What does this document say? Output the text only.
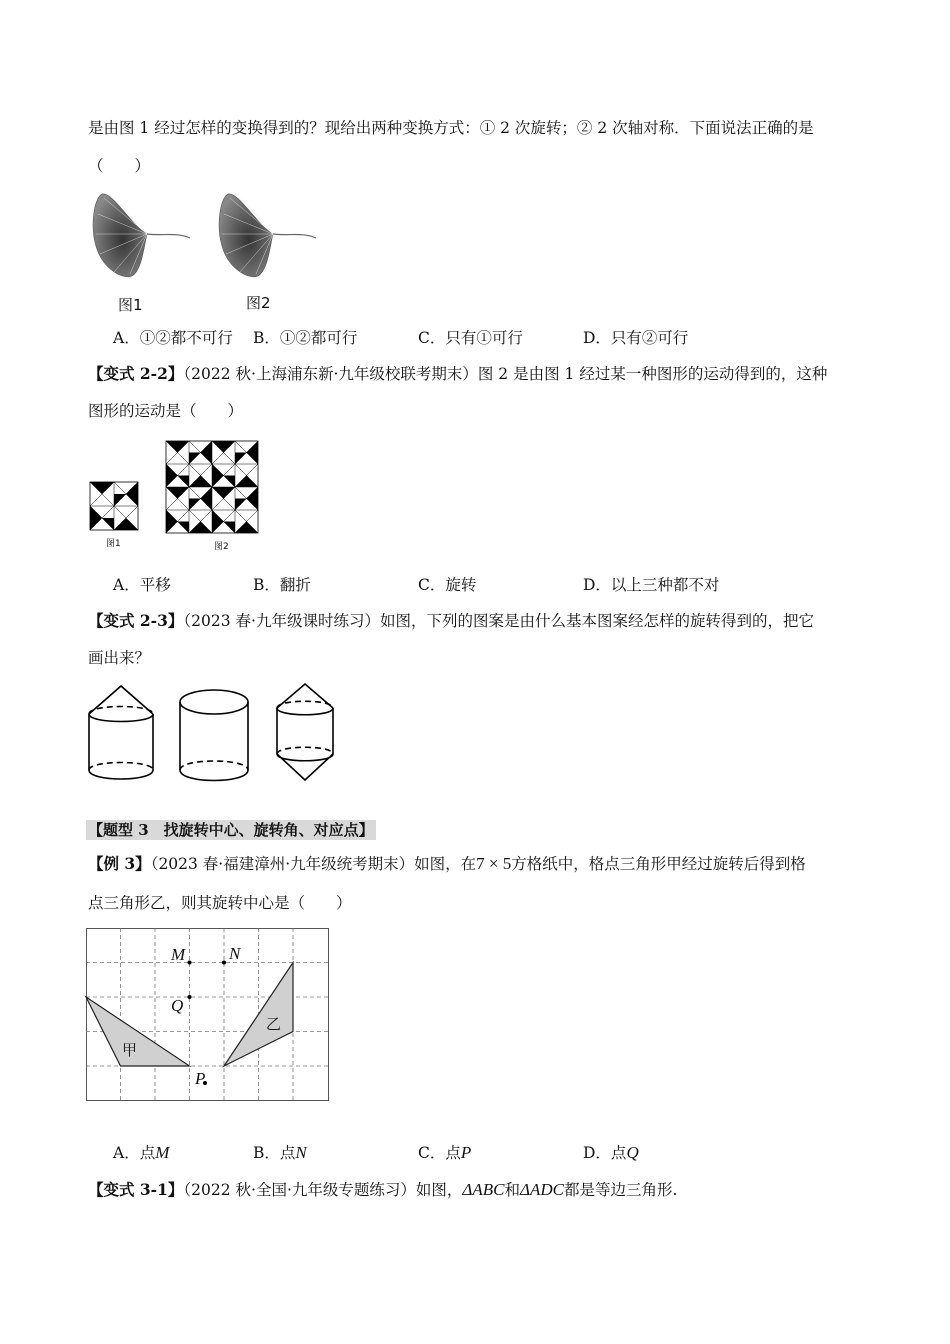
是由图 1 经过怎样的变换得到的？现给出两种变换方式：① 2 次旋转；② 2 次轴对称．下面说法正确的是
（　　）
图1	图2
A．①②都不可行 B．①②都可行	C．只有①可行	D．只有②可行
【变式 2-2】（2022 秋·上海浦东新·九年级校联考期末）图 2 是由图 1 经过某一种图形的运动得到的，这种
图形的运动是（　　）
图1	图2
A．平移	B．翻折	C．旋转	D．以上三种都不对
【变式 2-3】（2023 春·九年级课时练习）如图，下列的图案是由什么基本图案经怎样的旋转得到的，把它
画出来？
【题型 3　找旋转中心、旋转角、对应点】
【例 3】（2023 春·福建漳州·九年级统考期末）如图，在7 × 5方格纸中，格点三角形甲经过旋转后得到格
点三角形乙，则其旋转中心是（　　）
M	N
Q
P
甲
乙
A．点M	B．点N	C．点P	D．点Q
【变式 3-1】（2022 秋·全国·九年级专题练习）如图，ΔABC和ΔADC都是等边三角形.
